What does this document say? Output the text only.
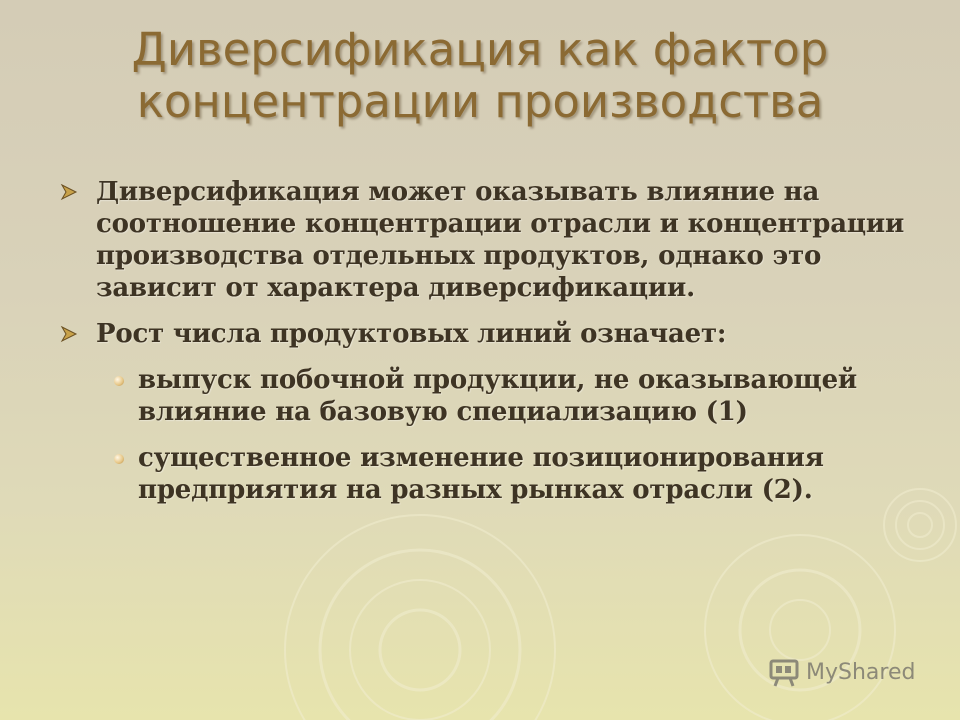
Диверсификация как фактор
концентрации производства
Диверсификация может оказывать влияние на соотношение концентрации отрасли и концентрации производства отдельных продуктов, однако это зависит от характера диверсификации.
Рост числа продуктовых линий означает:
выпуск побочной продукции, не оказывающей влияние на базовую специализацию (1)
существенное изменение позиционирования предприятия на разных рынках отрасли (2).
MyShared
